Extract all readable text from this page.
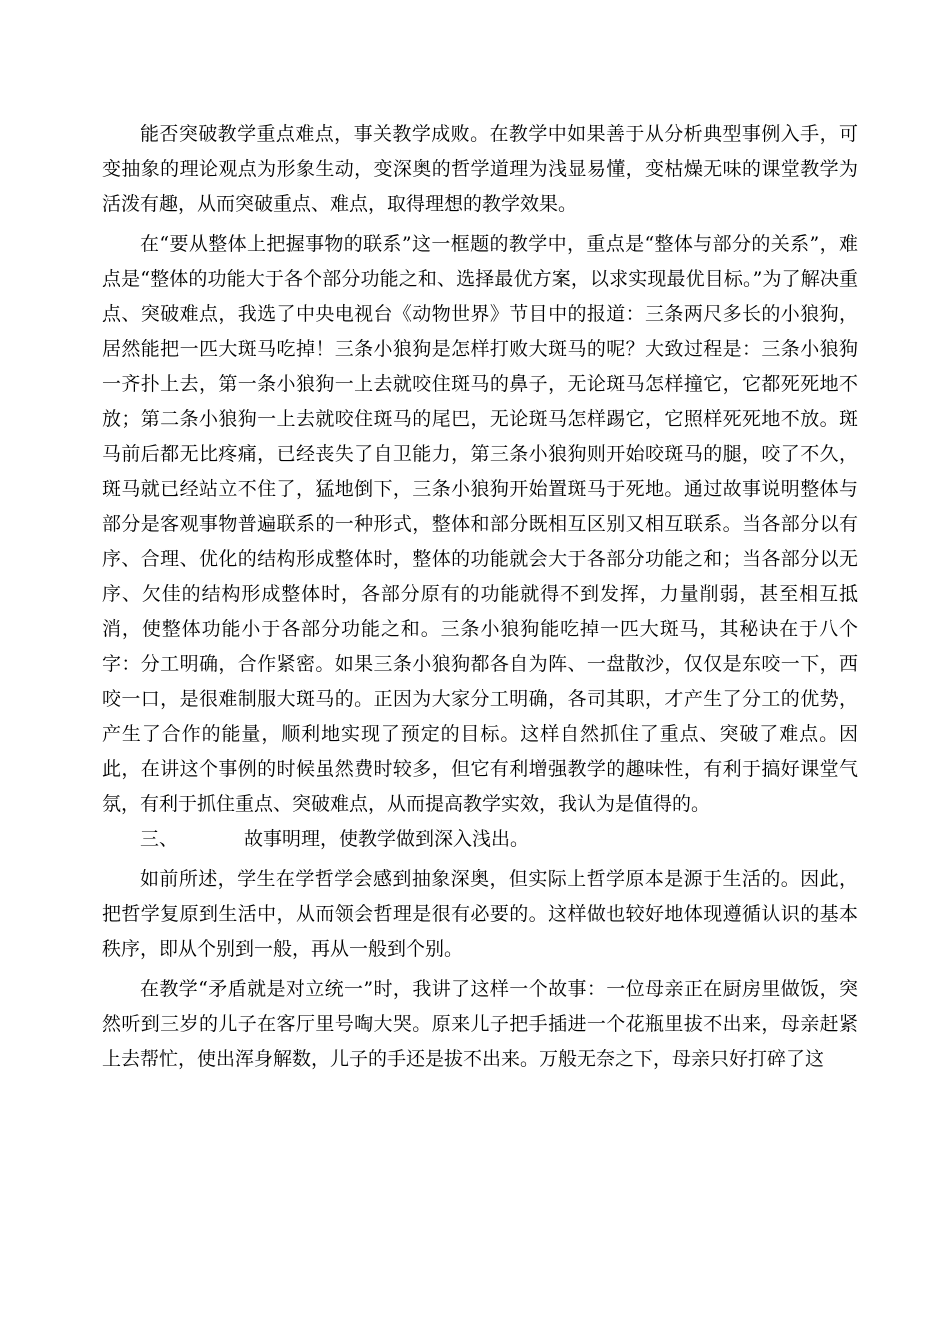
能否突破教学重点难点，事关教学成败。在教学中如果善于从分析典型事例入手，可变抽象的理论观点为形象生动，变深奥的哲学道理为浅显易懂，变枯燥无味的课堂教学为活泼有趣，从而突破重点、难点，取得理想的教学效果。

在“要从整体上把握事物的联系”这一框题的教学中，重点是“整体与部分的关系”，难点是“整体的功能大于各个部分功能之和、选择最优方案，以求实现最优目标。”为了解决重点、突破难点，我选了中央电视台《动物世界》节目中的报道：三条两尺多长的小狼狗，居然能把一匹大斑马吃掉！三条小狼狗是怎样打败大斑马的呢？大致过程是：三条小狼狗一齐扑上去，第一条小狼狗一上去就咬住斑马的鼻子，无论斑马怎样撞它，它都死死地不放；第二条小狼狗一上去就咬住斑马的尾巴，无论斑马怎样踢它，它照样死死地不放。斑马前后都无比疼痛，已经丧失了自卫能力，第三条小狼狗则开始咬斑马的腿，咬了不久，斑马就已经站立不住了，猛地倒下，三条小狼狗开始置斑马于死地。通过故事说明整体与部分是客观事物普遍联系的一种形式，整体和部分既相互区别又相互联系。当各部分以有序、合理、优化的结构形成整体时，整体的功能就会大于各部分功能之和；当各部分以无序、欠佳的结构形成整体时，各部分原有的功能就得不到发挥，力量削弱，甚至相互抵消，使整体功能小于各部分功能之和。三条小狼狗能吃掉一匹大斑马，其秘诀在于八个字：分工明确，合作紧密。如果三条小狼狗都各自为阵、一盘散沙，仅仅是东咬一下，西咬一口，是很难制服大斑马的。正因为大家分工明确，各司其职，才产生了分工的优势，产生了合作的能量，顺利地实现了预定的目标。这样自然抓住了重点、突破了难点。因此，在讲这个事例的时候虽然费时较多，但它有利增强教学的趣味性，有利于搞好课堂气氛，有利于抓住重点、突破难点，从而提高教学实效，我认为是值得的。

三、	故事明理，使教学做到深入浅出。

如前所述，学生在学哲学会感到抽象深奥，但实际上哲学原本是源于生活的。因此，把哲学复原到生活中，从而领会哲理是很有必要的。这样做也较好地体现遵循认识的基本秩序，即从个别到一般，再从一般到个别。

在教学“矛盾就是对立统一”时，我讲了这样一个故事：一位母亲正在厨房里做饭，突然听到三岁的儿子在客厅里号啕大哭。原来儿子把手插进一个花瓶里拔不出来，母亲赶紧上去帮忙，使出浑身解数，儿子的手还是拔不出来。万般无奈之下，母亲只好打碎了这
